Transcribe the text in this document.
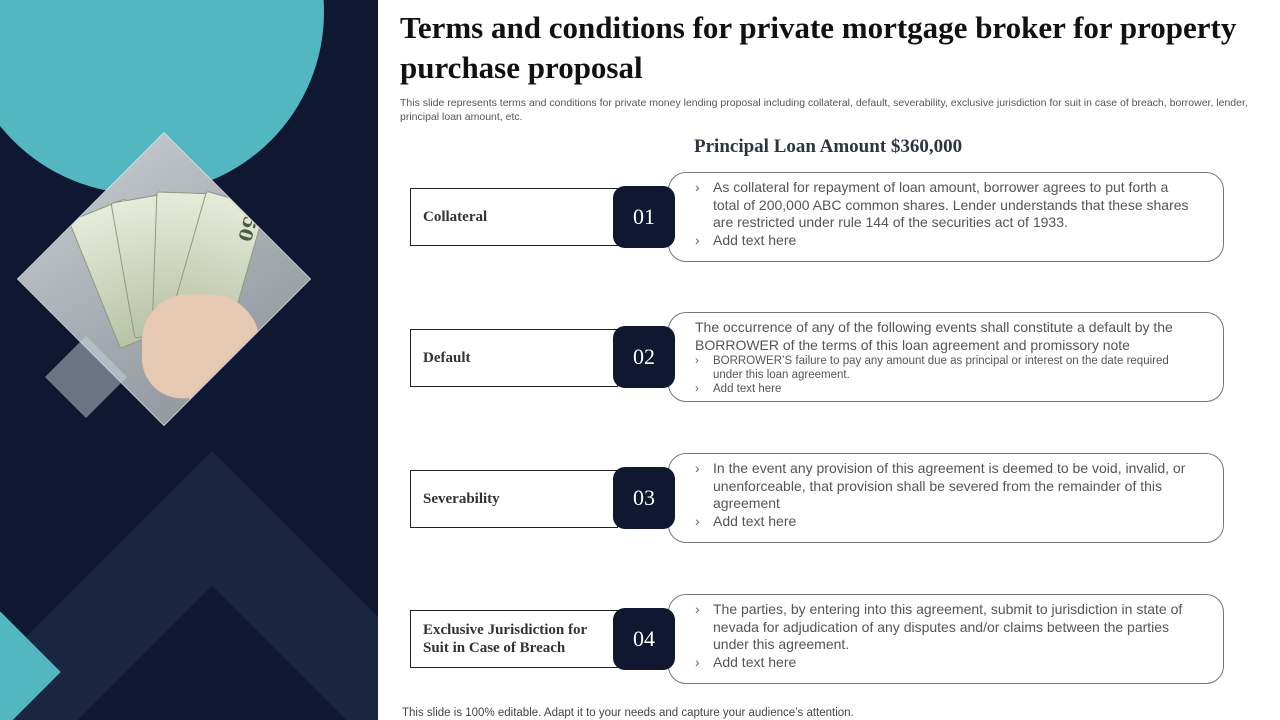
50
Terms and conditions for private mortgage broker for property purchase proposal

This slide represents terms and conditions for private money lending proposal including collateral, default, severability, exclusive jurisdiction for suit in case of breach, borrower, lender, principal loan amount, etc.

Principal Loan Amount $360,000
Collateral	01
› As collateral for repayment of loan amount, borrower agrees to put forth a total of 200,000 ABC common shares. Lender understands that these shares are restricted under rule 144 of the securities act of 1933.
› Add text here
Default	02
The occurrence of any of the following events shall constitute a default by the BORROWER of the terms of this loan agreement and promissory note
› BORROWER’S failure to pay any amount due as principal or interest on the date required under this loan agreement.
› Add text here
Severability	03
› In the event any provision of this agreement is deemed to be void, invalid, or unenforceable, that provision shall be severed from the remainder of this agreement
› Add text here
Exclusive Jurisdiction for Suit in Case of Breach	04
› The parties, by entering into this agreement, submit to jurisdiction in state of nevada for adjudication of any disputes and/or claims between the parties under this agreement.
› Add text here
This slide is 100% editable. Adapt it to your needs and capture your audience’s attention.
